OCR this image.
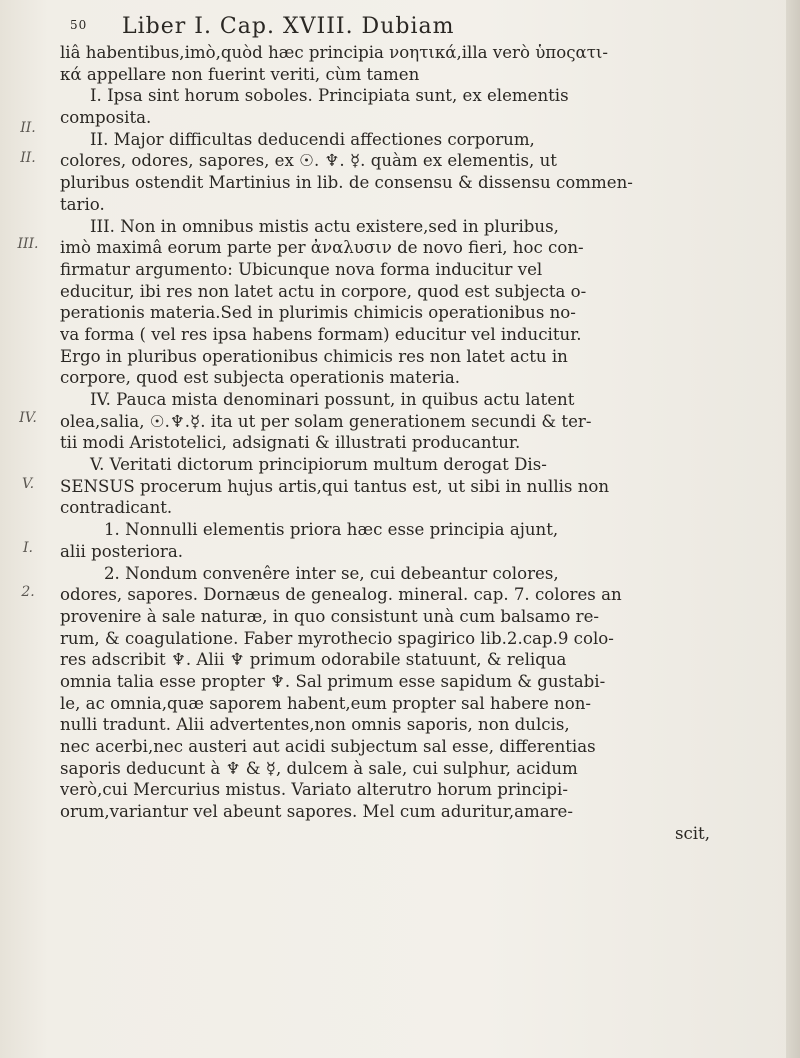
50 Liber I. Cap. XVIII. Dubiam
II.
II.
III.
IV.
V.
I.
2.
liâ habentibus,imò,quòd hæc principia νοητικά,illa verò ὑποςατι-
κά appellare non fuerint veriti, cùm tamen
I. Ipsa sint horum soboles. Principiata sunt, ex elementis
composita.
II. Major difficultas deducendi affectiones corporum,
colores, odores, sapores, ex ☉. ♆. ☿. quàm ex elementis, ut
pluribus ostendit Martinius in lib. de consensu & dissensu commen-
tario.
III. Non in omnibus mistis actu existere,sed in pluribus,
imò maximâ eorum parte per ἀναλυσιν de novo fieri, hoc con-
firmatur argumento: Ubicunque nova forma inducitur vel
educitur, ibi res non latet actu in corpore, quod est subjecta o-
perationis materia.Sed in plurimis chimicis operationibus no-
va forma ( vel res ipsa habens formam) educitur vel inducitur.
Ergo in pluribus operationibus chimicis res non latet actu in
corpore, quod est subjecta operationis materia.
IV. Pauca mista denominari possunt, in quibus actu latent
olea,salia, ☉.♆.☿. ita ut per solam generationem secundi & ter-
tii modi Aristotelici, adsignati & illustrati producantur.
V. Veritati dictorum principiorum multum derogat Dis-
SENSUS procerum hujus artis,qui tantus est, ut sibi in nullis non
contradicant.
1. Nonnulli elementis priora hæc esse principia ajunt,
alii posteriora.
2. Nondum convenêre inter se, cui debeantur colores,
odores, sapores. Dornæus de genealog. mineral. cap. 7. colores an
provenire à sale naturæ, in quo consistunt unà cum balsamo re-
rum, & coagulatione. Faber myrothecio spagirico lib.2.cap.9 colo-
res adscribit ♆. Alii ♆ primum odorabile statuunt, & reliqua
omnia talia esse propter ♆. Sal primum esse sapidum & gustabi-
le, ac omnia,quæ saporem habent,eum propter sal habere non-
nulli tradunt. Alii advertentes,non omnis saporis, non dulcis,
nec acerbi,nec austeri aut acidi subjectum sal esse, differentias
saporis deducunt à ♆ & ☿, dulcem à sale, cui sulphur, acidum
verò,cui Mercurius mistus. Variato alterutro horum principi-
orum,variantur vel abeunt sapores. Mel cum aduritur,amare-
scit,
